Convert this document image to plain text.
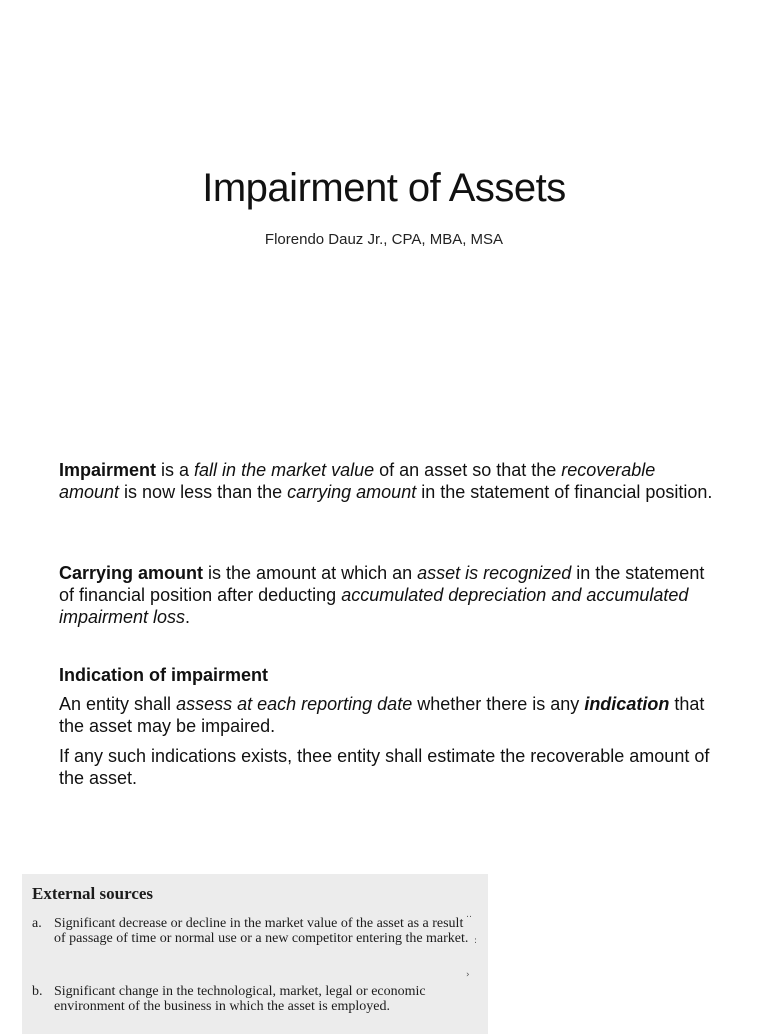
Impairment of Assets
Florendo Dauz Jr., CPA, MBA, MSA
Impairment is a fall in the market value of an asset so that the recoverable amount is now less than the carrying amount in the statement of financial position.
Carrying amount is the amount at which an asset is recognized in the statement of financial position after deducting accumulated depreciation and accumulated impairment loss.
Indication of impairment
An entity shall assess at each reporting date whether there is any indication that the asset may be impaired.
If any such indications exists, thee entity shall estimate the recoverable amount of the asset.
External sources
a. Significant decrease or decline in the market value of the asset as a result of passage of time or normal use or a new competitor entering the market.
b. Significant change in the technological, market, legal or economic environment of the business in which the asset is employed.
‥
:
›
